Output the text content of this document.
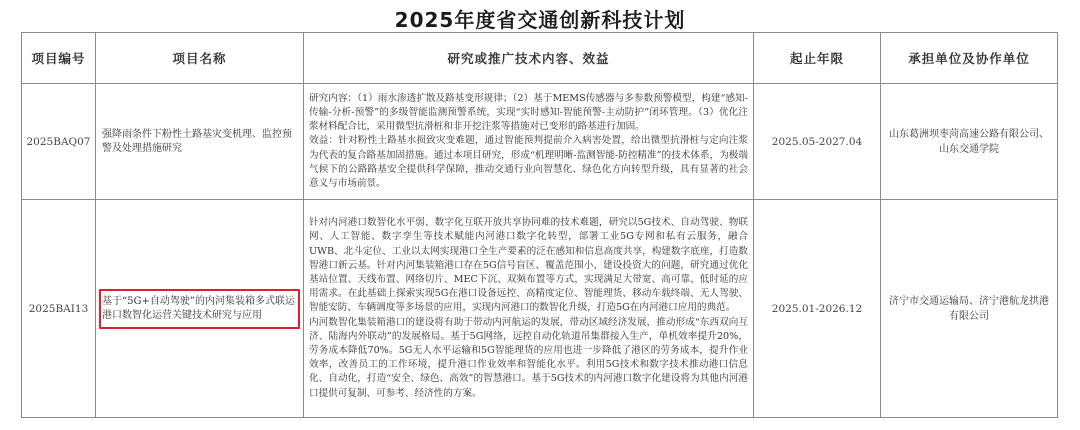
2025年度省交通创新科技计划
项目编号	项目名称	研究或推广技术内容、效益	起止年限	承担单位及协作单位
2025BAQ07	强降雨条件下粉性土路基灾变机理、监控预警及处理措施研究	研究内容：（1）雨水渗透扩散及路基变形规律；（2）基于MEMS传感器与多参数预警模型，构建“感知-传输-分析-预警”的多级智能监测预警系统，实现“实时感知-智能预警-主动防护”闭环管理。（3）优化注浆材料配合比，采用微型抗滑桩和非开挖注浆等措施对已变形的路基进行加固。
效益：针对粉性土路基水损致灾变难题，通过智能预判提前介入病害处置，给出微型抗滑桩与定向注浆为代表的复合路基加固措施。通过本项目研究，形成“机理明晰-监测智能-防控精准”的技术体系，为极端气候下的公路路基安全提供科学保障，推动交通行业向智慧化、绿色化方向转型升级，具有显著的社会意义与市场前景。	2025.05-2027.04	山东葛洲坝枣菏高速公路有限公司、山东交通学院
2025BAI13	基于“5G+自动驾驶”的内河集装箱多式联运港口数智化运营关键技术研究与应用	针对内河港口数智化水平弱、数字化互联开放共享协同难的技术难题，研究以5G技术、自动驾驶、物联网、人工智能、数字孪生等技术赋能内河港口数字化转型，部署工业5G专网和私有云服务，融合UWB、北斗定位、工业以太网实现港口全生产要素的泛在感知和信息高度共享，构建数字底座，打造数智港口新云基。针对内河集装箱港口存在5G信号盲区、覆盖范围小、建设投资大的问题，研究通过优化基站位置、天线布置、网络切片、MEC下沉、双频布置等方式，实现满足大带宽、高可靠、低时延的应用需求。在此基础上探索实现5G在港口设备远控、高精度定位、智能理货、移动车载终端、无人驾驶、智能安防、车辆调度等多场景的应用，实现内河港口的数智化升级，打造5G在内河港口应用的典范。
内河数智化集装箱港口的建设将有助于带动内河航运的发展，带动区域经济发展，推动形成“东西双向互济、陆海内外联动”的发展格局。基于5G网络，远控自动化轨道吊集群接入生产，单机效率提升20%，劳务成本降低70%。5G无人水平运输和5G智能理货的应用也进一步降低了港区的劳务成本，提升作业效率，改善员工的工作环境，提升港口作业效率和智能化水平。利用5G技术和数字技术推动港口信息化、自动化，打造“安全、绿色、高效”的智慧港口。基于5G技术的内河港口数字化建设将为其他内河港口提供可复制、可参考、经济性的方案。	2025.01-2026.12	济宁市交通运输局、济宁港航龙拱港有限公司
